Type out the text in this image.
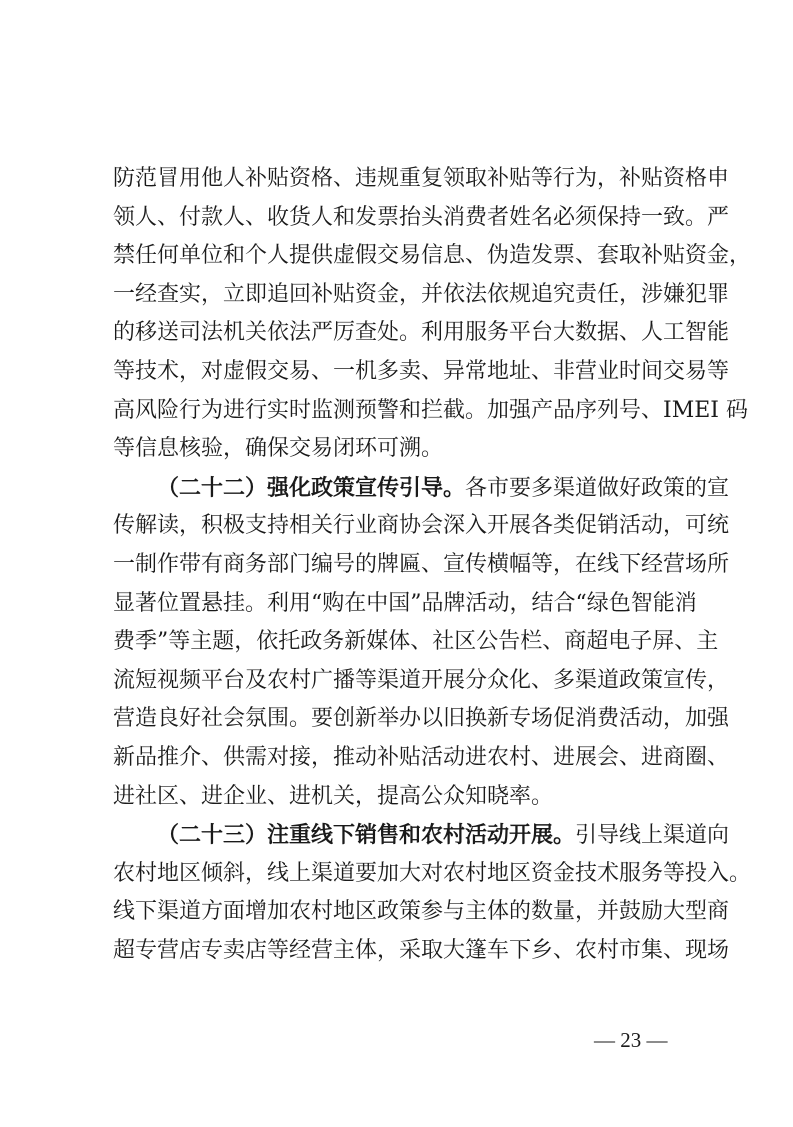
防范冒用他人补贴资格、违规重复领取补贴等行为，补贴资格申
领人、付款人、收货人和发票抬头消费者姓名必须保持一致。严
禁任何单位和个人提供虚假交易信息、伪造发票、套取补贴资金，
一经查实，立即追回补贴资金，并依法依规追究责任，涉嫌犯罪
的移送司法机关依法严厉查处。利用服务平台大数据、人工智能
等技术，对虚假交易、一机多卖、异常地址、非营业时间交易等
高风险行为进行实时监测预警和拦截。加强产品序列号、IMEI 码
等信息核验，确保交易闭环可溯。
（二十二）强化政策宣传引导。各市要多渠道做好政策的宣
传解读，积极支持相关行业商协会深入开展各类促销活动，可统
一制作带有商务部门编号的牌匾、宣传横幅等，在线下经营场所
显著位置悬挂。利用“购在中国”品牌活动，结合“绿色智能消
费季”等主题，依托政务新媒体、社区公告栏、商超电子屏、主
流短视频平台及农村广播等渠道开展分众化、多渠道政策宣传，
营造良好社会氛围。要创新举办以旧换新专场促消费活动，加强
新品推介、供需对接，推动补贴活动进农村、进展会、进商圈、
进社区、进企业、进机关，提高公众知晓率。
（二十三）注重线下销售和农村活动开展。引导线上渠道向
农村地区倾斜，线上渠道要加大对农村地区资金技术服务等投入。
线下渠道方面增加农村地区政策参与主体的数量，并鼓励大型商
超专营店专卖店等经营主体，采取大篷车下乡、农村市集、现场
— 23 —
